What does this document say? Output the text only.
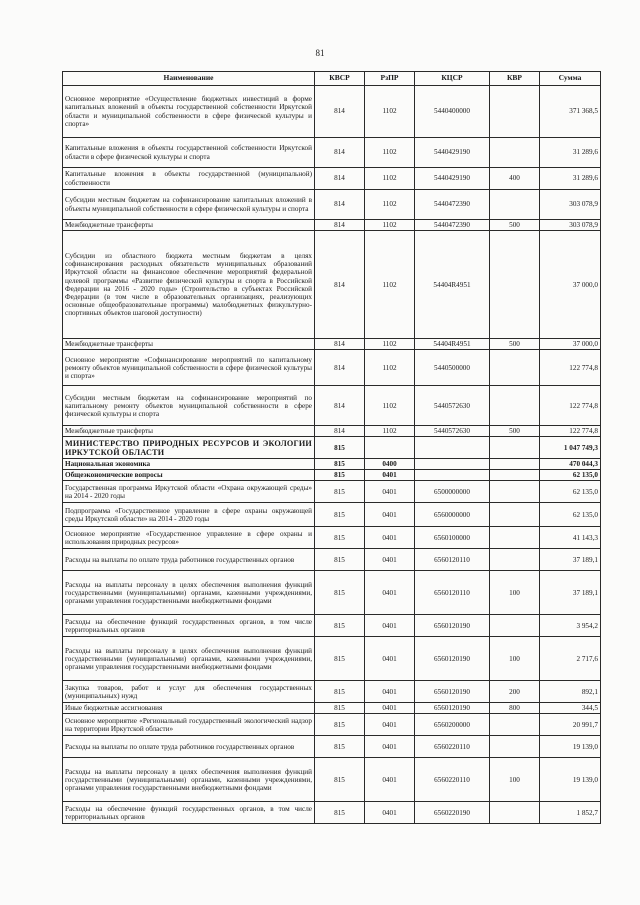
81
Наименование	КВСР	РзПР	КЦСР	КВР	Сумма
Основное мероприятие «Осуществление бюджетных инвестиций в форме капитальных вложений в объекты государственной собственности Иркутской области и муниципальной собственности в сфере физической культуры и спорта»	814	1102	5440400000		371 368,5
Капитальные вложения в объекты государственной собственности Иркутской области в сфере физической культуры и спорта	814	1102	5440429190		31 289,6
Капитальные вложения в объекты государственной (муниципальной) собственности	814	1102	5440429190	400	31 289,6
Субсидии местным бюджетам на софинансирование капитальных вложений в объекты муниципальной собственности в сфере физической культуры и спорта	814	1102	5440472390		303 078,9
Межбюджетные трансферты	814	1102	5440472390	500	303 078,9
Субсидии из областного бюджета местным бюджетам в целях софинансирования расходных обязательств муниципальных образований Иркутской области на финансовое обеспечение мероприятий федеральной целевой программы «Развитие физической культуры и спорта в Российской Федерации на 2016 - 2020 годы» (Строительство в субъектах Российской Федерации (в том числе в образовательных организациях, реализующих основные общеобразовательные программы) малобюджетных физкультурно-спортивных объектов шаговой доступности)	814	1102	54404R4951		37 000,0
Межбюджетные трансферты	814	1102	54404R4951	500	37 000,0
Основное мероприятие «Софинансирование мероприятий по капитальному ремонту объектов муниципальной собственности в сфере физической культуры и спорта»	814	1102	5440500000		122 774,8
Субсидии местным бюджетам на софинансирование мероприятий по капитальному ремонту объектов муниципальной собственности в сфере физической культуры и спорта	814	1102	5440572630		122 774,8
Межбюджетные трансферты	814	1102	5440572630	500	122 774,8
МИНИСТЕРСТВО ПРИРОДНЫХ РЕСУРСОВ И ЭКОЛОГИИ ИРКУТСКОЙ ОБЛАСТИ	815				1 047 749,3
Национальная экономика	815	0400			470 044,3
Общеэкономические вопросы	815	0401			62 135,0
Государственная программа Иркутской области «Охрана окружающей среды» на 2014 - 2020 годы	815	0401	6500000000		62 135,0
Подпрограмма «Государственное управление в сфере охраны окружающей среды Иркутской области» на 2014 - 2020 годы	815	0401	6560000000		62 135,0
Основное мероприятие «Государственное управление в сфере охраны и использования природных ресурсов»	815	0401	6560100000		41 143,3
Расходы на выплаты по оплате труда работников государственных органов	815	0401	6560120110		37 189,1
Расходы на выплаты персоналу в целях обеспечения выполнения функций государственными (муниципальными) органами, казенными учреждениями, органами управления государственными внебюджетными фондами	815	0401	6560120110	100	37 189,1
Расходы на обеспечение функций государственных органов, в том числе территориальных органов	815	0401	6560120190		3 954,2
Расходы на выплаты персоналу в целях обеспечения выполнения функций государственными (муниципальными) органами, казенными учреждениями, органами управления государственными внебюджетными фондами	815	0401	6560120190	100	2 717,6
Закупка товаров, работ и услуг для обеспечения государственных (муниципальных) нужд	815	0401	6560120190	200	892,1
Иные бюджетные ассигнования	815	0401	6560120190	800	344,5
Основное мероприятие «Региональный государственный экологический надзор на территории Иркутской области»	815	0401	6560200000		20 991,7
Расходы на выплаты по оплате труда работников государственных органов	815	0401	6560220110		19 139,0
Расходы на выплаты персоналу в целях обеспечения выполнения функций государственными (муниципальными) органами, казенными учреждениями, органами управления государственными внебюджетными фондами	815	0401	6560220110	100	19 139,0
Расходы на обеспечение функций государственных органов, в том числе территориальных органов	815	0401	6560220190		1 852,7
